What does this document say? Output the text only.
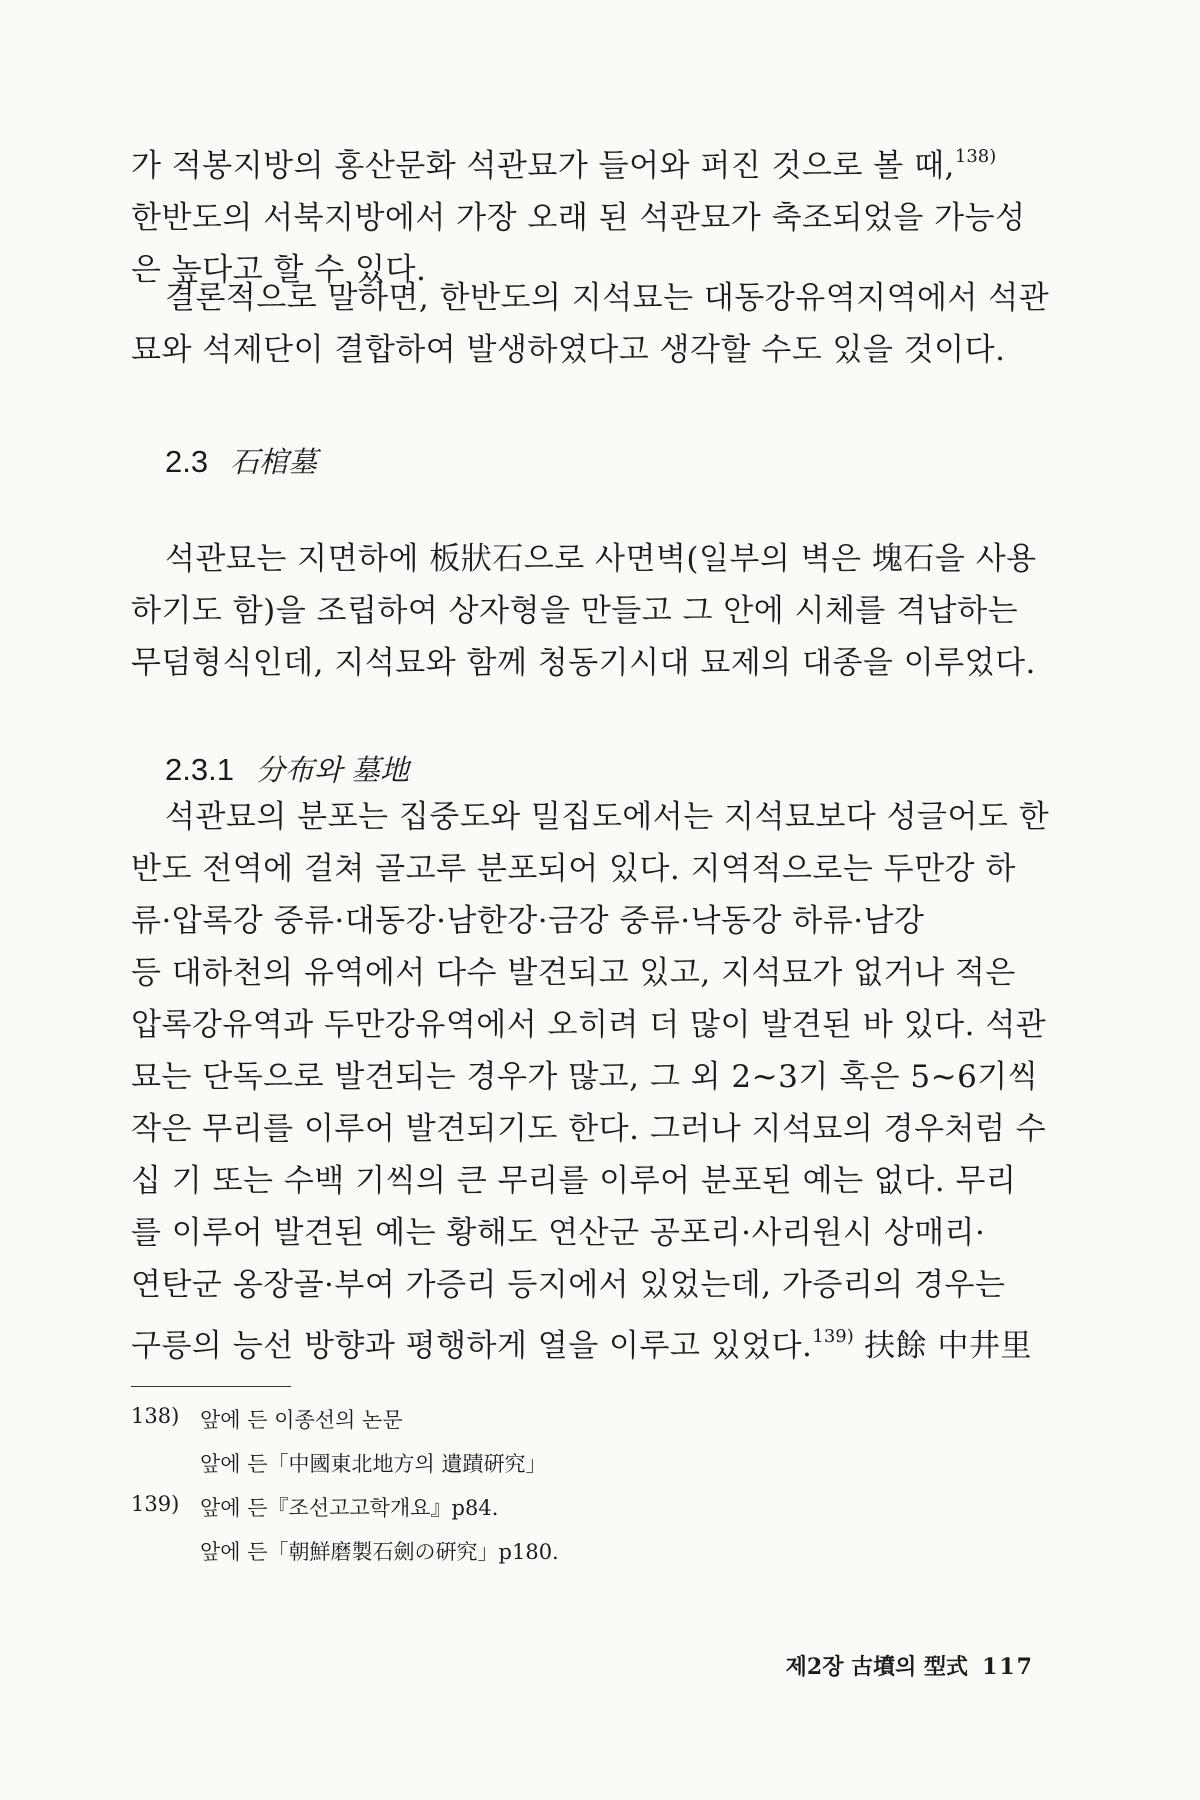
가 적봉지방의 홍산문화 석관묘가 들어와 퍼진 것으로 볼 때,$^{138)}$
한반도의 서북지방에서 가장 오래 된 석관묘가 축조되었을 가능성
은 높다고 할 수 있다.
결론적으로 말하면, 한반도의 지석묘는 대동강유역지역에서 석관
묘와 석제단이 결합하여 발생하였다고 생각할 수도 있을 것이다.
2.3 石棺墓
석관묘는 지면하에 板狀石으로 사면벽(일부의 벽은 塊石을 사용
하기도 함)을 조립하여 상자형을 만들고 그 안에 시체를 격납하는
무덤형식인데, 지석묘와 함께 청동기시대 묘제의 대종을 이루었다.
2.3.1 分布와 墓地
석관묘의 분포는 집중도와 밀집도에서는 지석묘보다 성글어도 한
반도 전역에 걸쳐 골고루 분포되어 있다. 지역적으로는 두만강 하
류·압록강 중류·대동강·남한강·금강 중류·낙동강 하류·남강
등 대하천의 유역에서 다수 발견되고 있고, 지석묘가 없거나 적은
압록강유역과 두만강유역에서 오히려 더 많이 발견된 바 있다. 석관
묘는 단독으로 발견되는 경우가 많고, 그 외 2~3기 혹은 5~6기씩
작은 무리를 이루어 발견되기도 한다. 그러나 지석묘의 경우처럼 수
십 기 또는 수백 기씩의 큰 무리를 이루어 분포된 예는 없다. 무리
를 이루어 발견된 예는 황해도 연산군 공포리·사리원시 상매리·
연탄군 옹장골·부여 가증리 등지에서 있었는데, 가증리의 경우는
구릉의 능선 방향과 평행하게 열을 이루고 있었다.$^{139)}$ 扶餘 中井里
138) 앞에 든 이종선의 논문
앞에 든「中國東北地方의 遺蹟硏究」
139) 앞에 든『조선고고학개요』p84.
앞에 든「朝鮮磨製石劍の硏究」p180.
제2장 古墳의 型式 117
